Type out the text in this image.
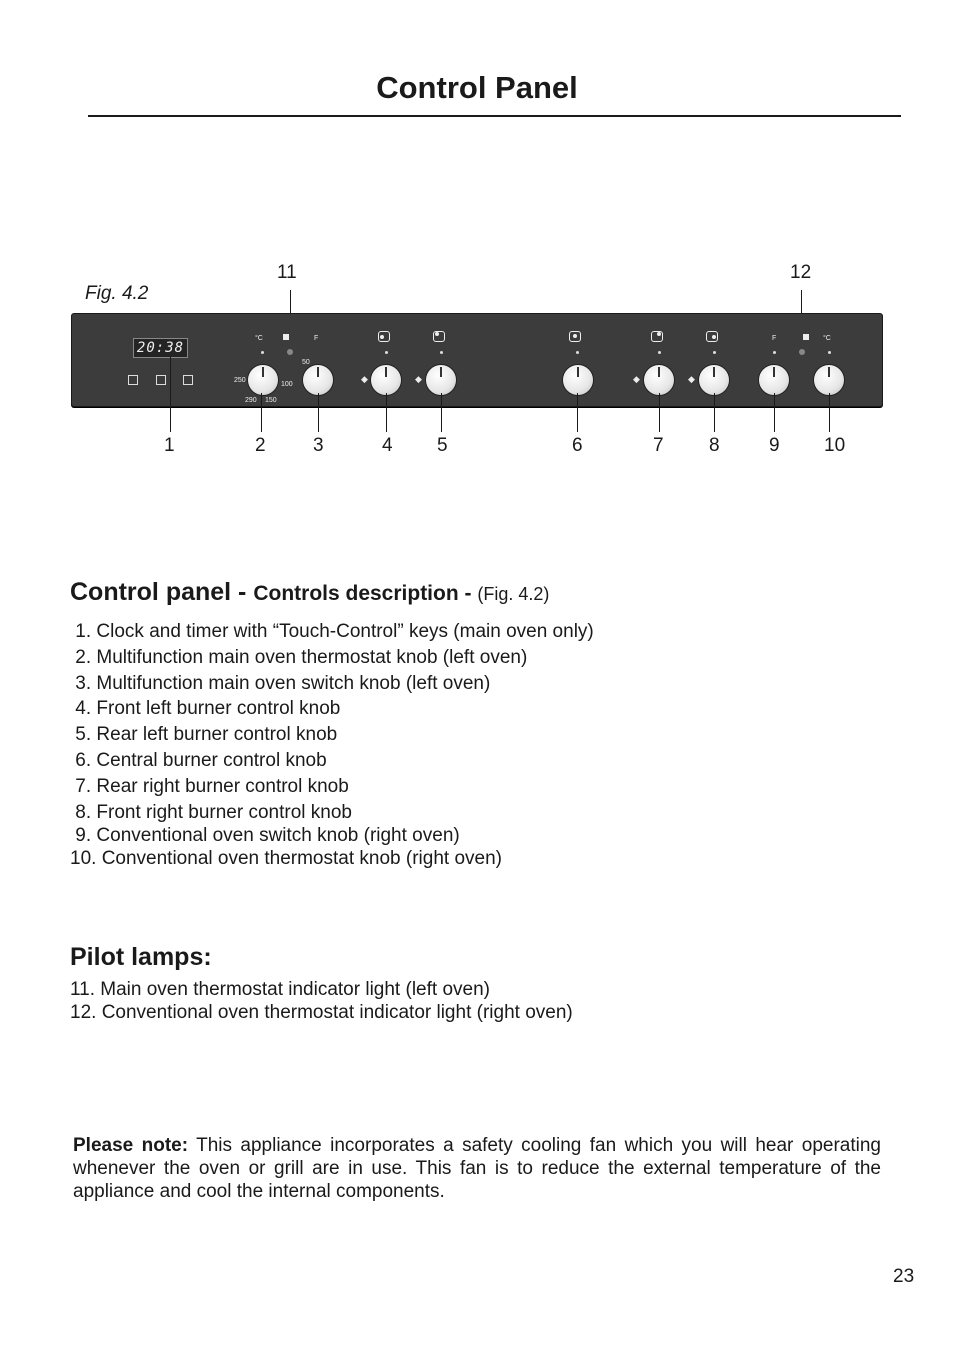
Control Panel
Fig. 4.2
11	12
20:38
°C	F
50
100
150
250
290
F	°C
◆	◆	◆	◆
1	2 3	4 5	6	7 8	9 10
Control panel - Controls description - (Fig. 4.2)
1. Clock and timer with “Touch-Control” keys (main oven only)
2. Multifunction main oven thermostat knob (left oven)
3. Multifunction main oven switch knob (left oven)
4. Front left burner control knob
5. Rear left burner control knob
6. Central burner control knob
7. Rear right burner control knob
8. Front right burner control knob
9. Conventional oven switch knob (right oven)
10. Conventional oven thermostat knob (right oven)
Pilot lamps:
11. Main oven thermostat indicator light (left oven)
12. Conventional oven thermostat indicator light (right oven)
Please note: This appliance incorporates a safety cooling fan which you will hear operating whenever the oven or grill are in use. This fan is to reduce the external temperature of the appliance and cool the internal components.
23
